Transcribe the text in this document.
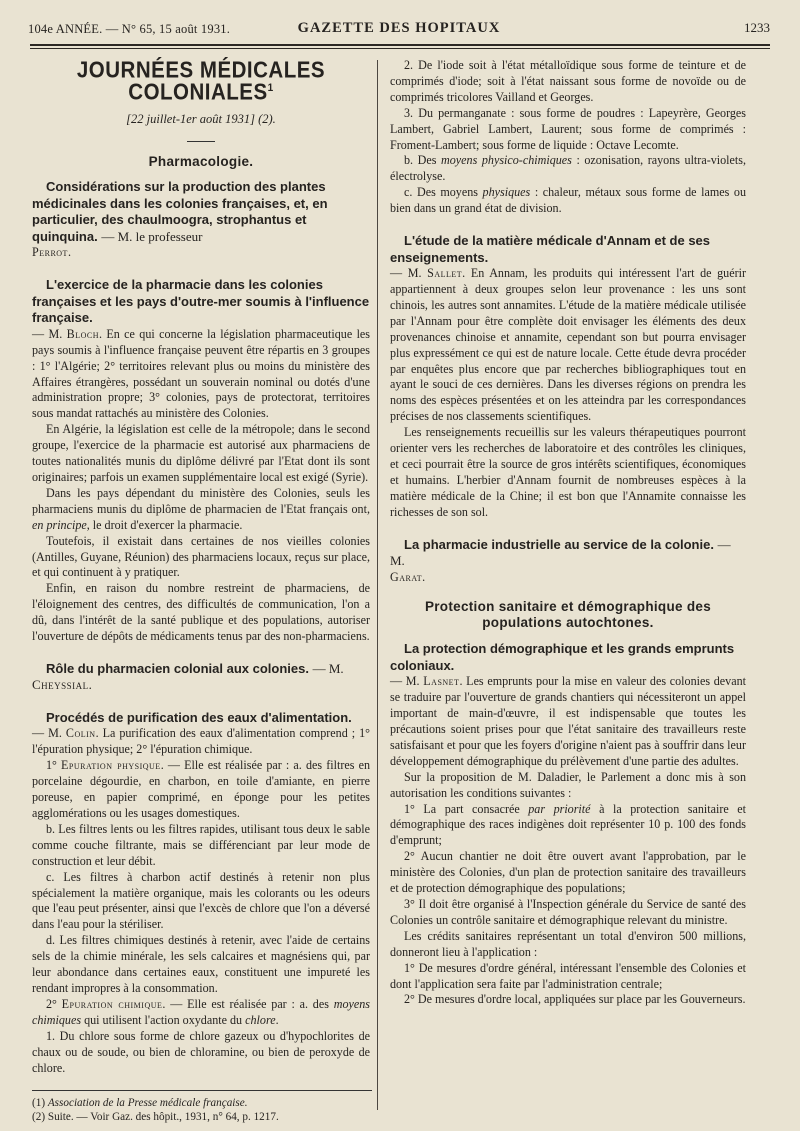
104e ANNÉE. — N° 65, 15 août 1931.	GAZETTE DES HOPITAUX	1233
JOURNÉES MÉDICALES COLONIALES$^1$
[22 juillet-1er août 1931] (2).
Pharmacologie.

Considérations sur la production des plantes médicinales dans les colonies françaises, et, en particulier, des chaulmoogra, strophantus et quinquina. — M. le professeur

Perrot.

L'exercice de la pharmacie dans les colonies françaises et les pays d'outre-mer soumis à l'influence française.

— M. Bloch. En ce qui concerne la législation pharmaceutique les pays soumis à l'influence française peuvent être répartis en 3 groupes : 1° l'Algérie; 2° territoires relevant plus ou moins du ministère des Affaires étrangères, possédant un souverain nominal ou dotés d'une administration propre; 3° colonies, pays de protectorat, territoires sous mandat rattachés au ministère des Colonies.

En Algérie, la législation est celle de la métropole; dans le second groupe, l'exercice de la pharmacie est autorisé aux pharmaciens de toutes nationalités munis du diplôme délivré par l'Etat dont ils sont originaires; parfois un examen supplémentaire local est exigé (Syrie).

Dans les pays dépendant du ministère des Colonies, seuls les pharmaciens munis du diplôme de pharmacien de l'Etat français ont, en principe, le droit d'exercer la pharmacie.

Toutefois, il existait dans certaines de nos vieilles colonies (Antilles, Guyane, Réunion) des pharmaciens locaux, reçus sur place, et qui continuent à y pratiquer.

Enfin, en raison du nombre restreint de pharmaciens, de l'éloignement des centres, des difficultés de communication, l'on a dû, dans l'intérêt de la santé publique et des populations, autoriser l'ouverture de dépôts de médicaments tenus par des non-pharmaciens.

Rôle du pharmacien colonial aux colonies. — M. Cheyssial.

Procédés de purification des eaux d'alimentation.

— M. Colin. La purification des eaux d'alimentation comprend ; 1° l'épuration physique; 2° l'épuration chimique.

1° Epuration physique. — Elle est réalisée par : a. des filtres en porcelaine dégourdie, en charbon, en toile d'amiante, en pierre poreuse, en papier comprimé, en éponge pour les petites agglomérations ou les usages domestiques.

b. Les filtres lents ou les filtres rapides, utilisant tous deux le sable comme couche filtrante, mais se différenciant par leur mode de construction et leur débit.

c. Les filtres à charbon actif destinés à retenir non plus spécialement la matière organique, mais les colorants ou les odeurs que l'eau peut présenter, ainsi que l'excès de chlore que l'on a déversé dans l'eau pour la stériliser.

d. Les filtres chimiques destinés à retenir, avec l'aide de certains sels de la chimie minérale, les sels calcaires et magnésiens qui, par leur abondance dans certaines eaux, constituent une impureté les rendant impropres à la consommation.

2° Epuration chimique. — Elle est réalisée par : a. des moyens chimiques qui utilisent l'action oxydante du chlore.

1. Du chlore sous forme de chlore gazeux ou d'hypochlorites de chaux ou de soude, ou bien de chloramine, ou bien de peroxyde de chlore.

(1) Association de la Presse médicale française.

(2) Suite. — Voir Gaz. des hôpit., 1931, n° 64, p. 1217.

2. De l'iode soit à l'état métalloïdique sous forme de teinture et de comprimés d'iode; soit à l'état naissant sous forme de novoïde ou de comprimés tricolores Vailland et Georges.

3. Du permanganate : sous forme de poudres : Lapeyrère, Georges Lambert, Gabriel Lambert, Laurent; sous forme de comprimés : Froment-Lambert; sous forme de liquide : Octave Lecomte.

b. Des moyens physico-chimiques : ozonisation, rayons ultra-violets, électrolyse.

c. Des moyens physiques : chaleur, métaux sous forme de lames ou bien dans un grand état de division.

L'étude de la matière médicale d'Annam et de ses enseignements.

— M. Sallet. En Annam, les produits qui intéressent l'art de guérir appartiennent à deux groupes selon leur provenance : les uns sont chinois, les autres sont annamites. L'étude de la matière médicale utilisée par l'Annam pour être complète doit envisager les éléments des deux provenances chinoise et annamite, cependant son but pourra envisager plus expressément ce qui est de nature locale. Cette étude devra procéder par enquêtes plus encore que par recherches bibliographiques tout en ayant le souci de ces dernières. Dans les diverses régions on prendra les noms des espèces présentées et on les atteindra par les correspondances précises de nos classements scientifiques.

Les renseignements recueillis sur les valeurs thérapeutiques pourront orienter vers les recherches de laboratoire et des contrôles les cliniques, et ceci pourrait être la source de gros intérêts scientifiques, économiques et humains. L'herbier d'Annam fournit de nombreuses espèces à la matière médicale de la Chine; il est bon que l'Annamite connaisse les richesses de son sol.

La pharmacie industrielle au service de la colonie. — M.

Garat.

Protection sanitaire et démographique des populations autochtones.

La protection démographique et les grands emprunts coloniaux.

— M. Lasnet. Les emprunts pour la mise en valeur des colonies devant se traduire par l'ouverture de grands chantiers qui nécessiteront un appel important de main-d'œuvre, il est indispensable que toutes les précautions soient prises pour que l'état sanitaire des travailleurs reste satisfaisant et pour que les foyers d'origine n'aient pas à souffrir dans leur développement démographique du prélèvement d'une partie des adultes.

Sur la proposition de M. Daladier, le Parlement a donc mis à son autorisation les conditions suivantes :

1° La part consacrée par priorité à la protection sanitaire et démographique des races indigènes doit représenter 10 p. 100 des fonds d'emprunt;

2° Aucun chantier ne doit être ouvert avant l'approbation, par le ministère des Colonies, d'un plan de protection sanitaire des travailleurs et de protection démographique des populations;

3° Il doit être organisé à l'Inspection générale du Service de santé des Colonies un contrôle sanitaire et démographique relevant du ministre.

Les crédits sanitaires représentant un total d'environ 500 millions, donneront lieu à l'application :

1° De mesures d'ordre général, intéressant l'ensemble des Colonies et dont l'application sera faite par l'administration centrale;

2° De mesures d'ordre local, appliquées sur place par les Gouverneurs.
